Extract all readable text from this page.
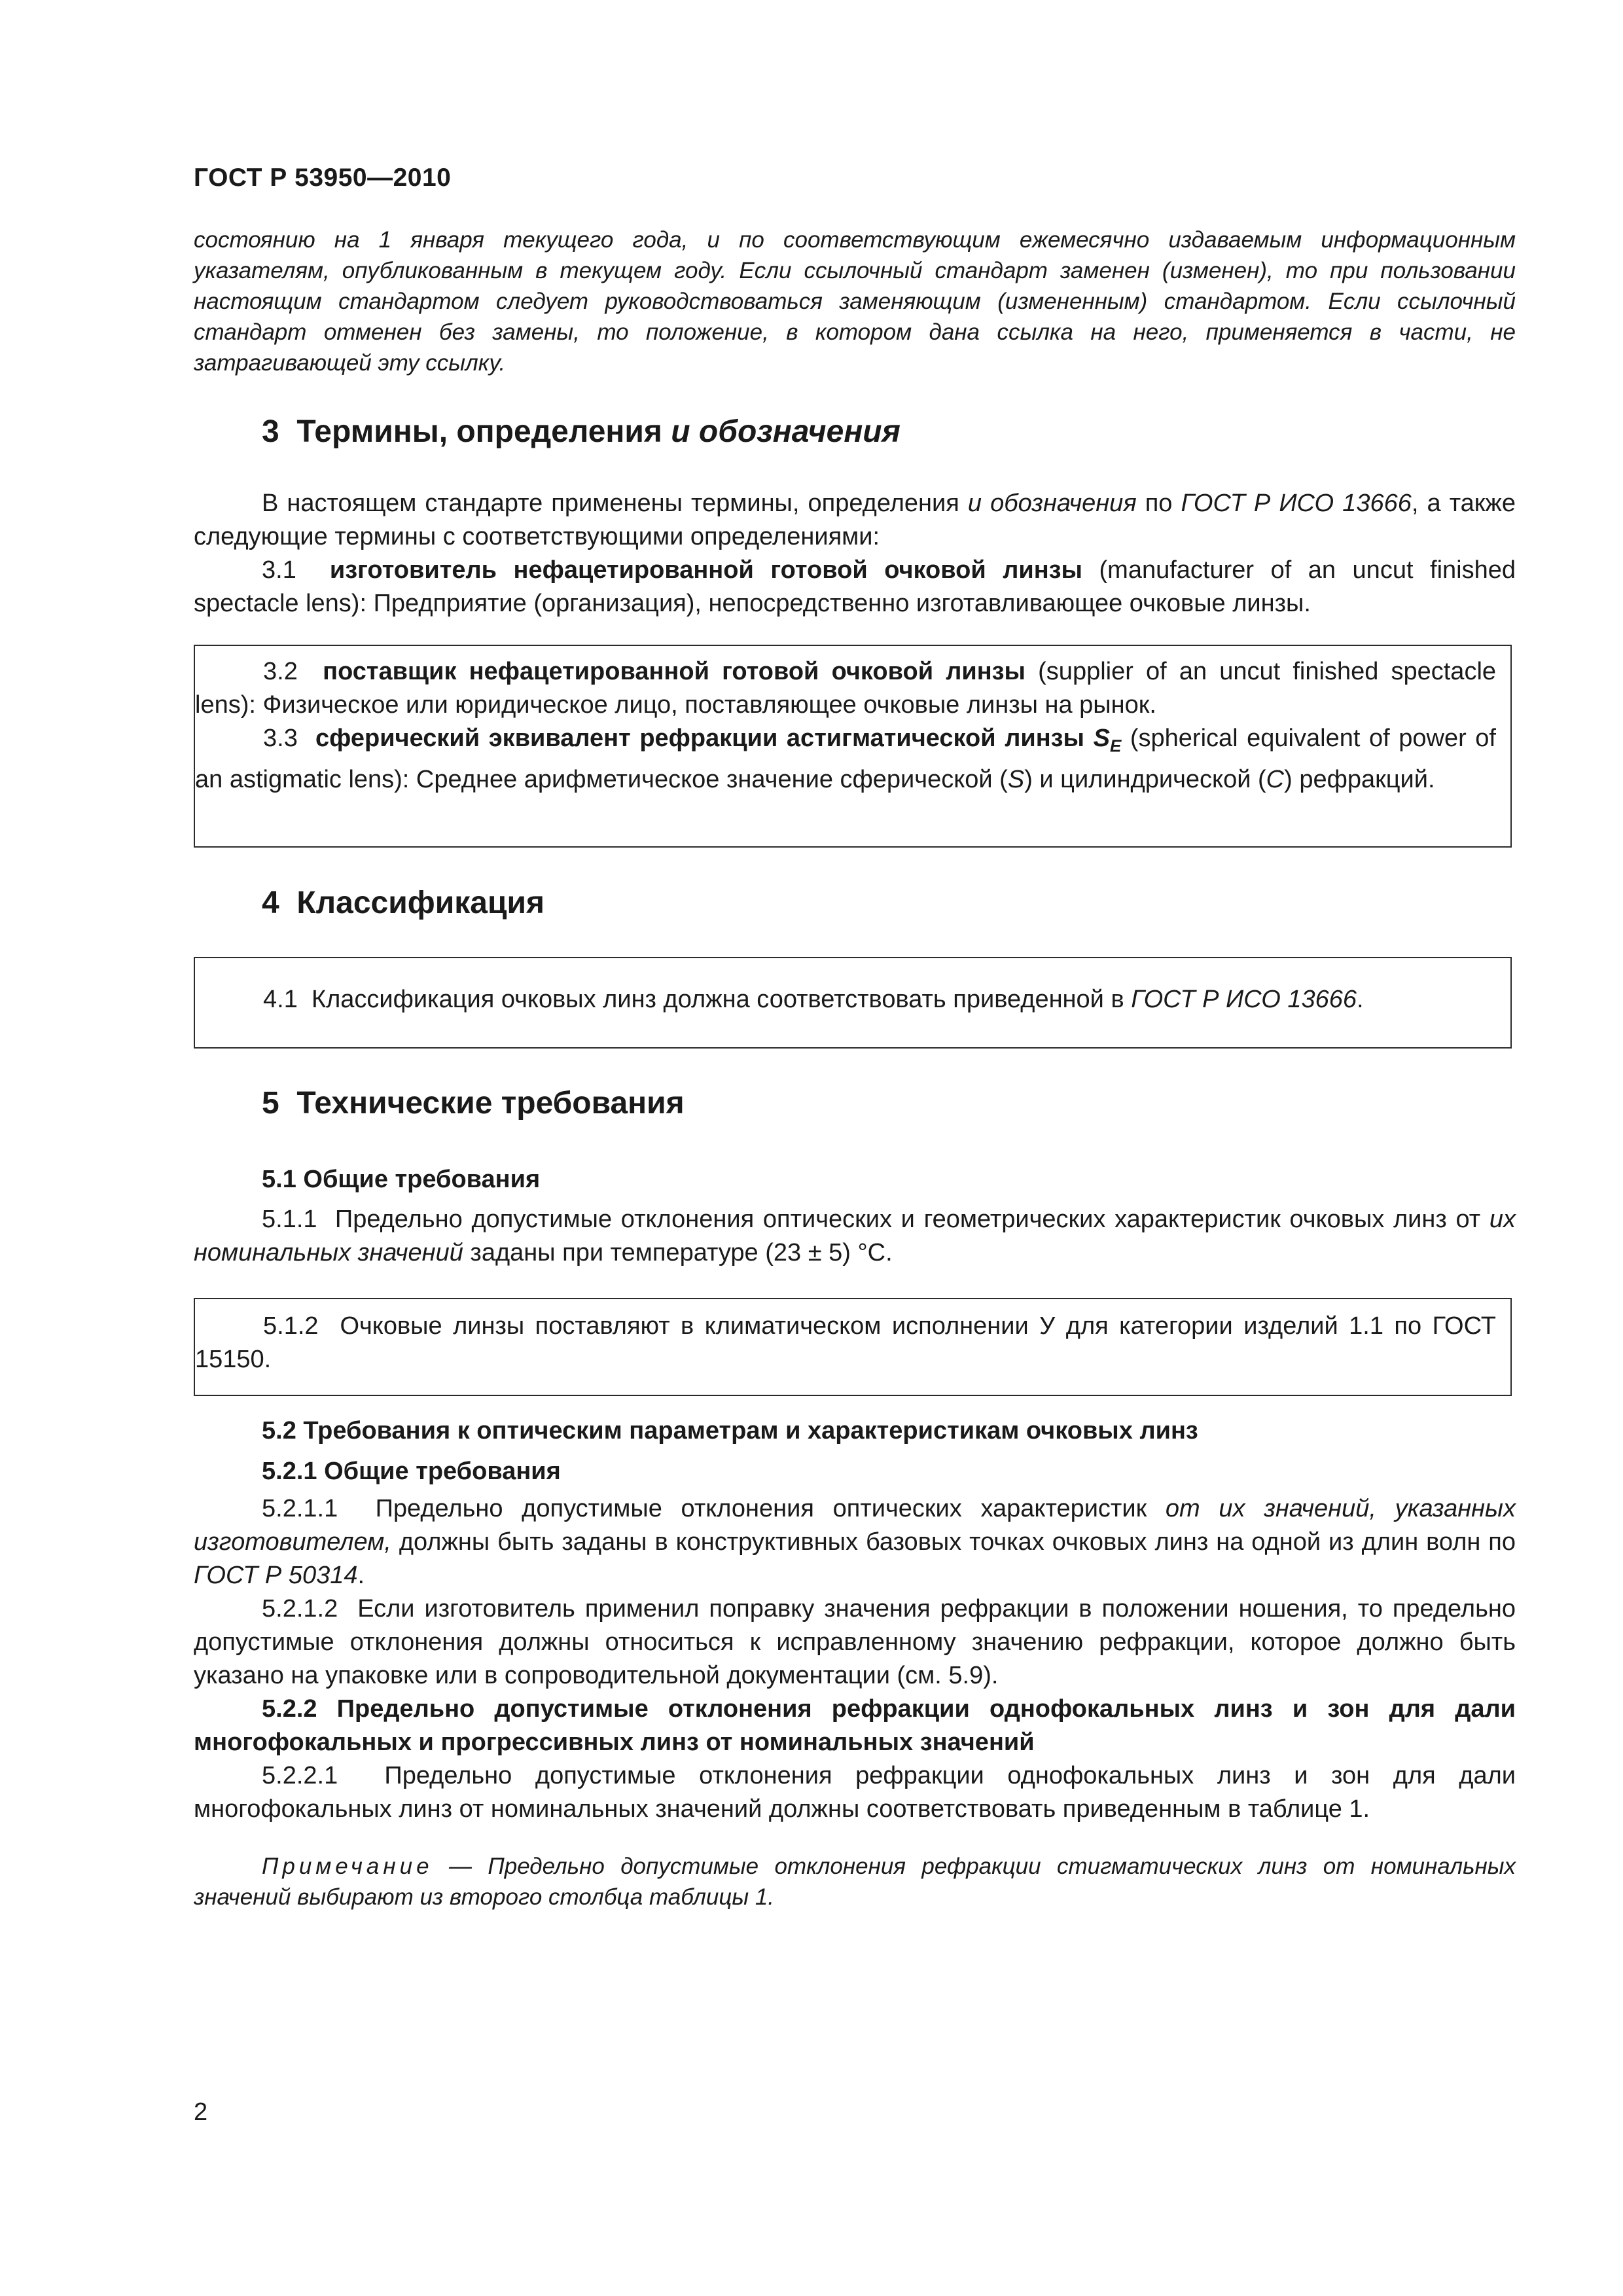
ГОСТ Р 53950—2010
состоянию на 1 января текущего года, и по соответствующим ежемесячно издаваемым информационным указателям, опубликованным в текущем году. Если ссылочный стандарт заменен (изменен), то при пользовании настоящим стандартом следует руководствоваться заменяющим (измененным) стандартом. Если ссылочный стандарт отменен без замены, то положение, в котором дана ссылка на него, применяется в части, не затрагивающей эту ссылку.
3 Термины, определения и обозначения
В настоящем стандарте применены термины, определения и обозначения по ГОСТ Р ИСО 13666, а также следующие термины с соответствующими определениями:
3.1 изготовитель нефацетированной готовой очковой линзы (manufacturer of an uncut finished spectacle lens): Предприятие (организация), непосредственно изготавливающее очковые линзы.
3.2 поставщик нефацетированной готовой очковой линзы (supplier of an uncut finished spectacle lens): Физическое или юридическое лицо, поставляющее очковые линзы на рынок.
3.3 сферический эквивалент рефракции астигматической линзы $S_E$ (spherical equivalent of power of an astigmatic lens): Среднее арифметическое значение сферической (S) и цилиндрической (C) рефракций.
4 Классификация
4.1 Классификация очковых линз должна соответствовать приведенной в ГОСТ Р ИСО 13666.
5 Технические требования
5.1 Общие требования
5.1.1 Предельно допустимые отклонения оптических и геометрических характеристик очковых линз от их номинальных значений заданы при температуре (23 ± 5) °С.
5.1.2 Очковые линзы поставляют в климатическом исполнении У для категории изделий 1.1 по ГОСТ 15150.
5.2 Требования к оптическим параметрам и характеристикам очковых линз
5.2.1 Общие требования
5.2.1.1 Предельно допустимые отклонения оптических характеристик от их значений, указанных изготовителем, должны быть заданы в конструктивных базовых точках очковых линз на одной из длин волн по ГОСТ Р 50314.
5.2.1.2 Если изготовитель применил поправку значения рефракции в положении ношения, то предельно допустимые отклонения должны относиться к исправленному значению рефракции, которое должно быть указано на упаковке или в сопроводительной документации (см. 5.9).
5.2.2 Предельно допустимые отклонения рефракции однофокальных линз и зон для дали многофокальных и прогрессивных линз от номинальных значений
5.2.2.1 Предельно допустимые отклонения рефракции однофокальных линз и зон для дали многофокальных линз от номинальных значений должны соответствовать приведенным в таблице 1.
Примечание — Предельно допустимые отклонения рефракции стигматических линз от номинальных значений выбирают из второго столбца таблицы 1.
2
